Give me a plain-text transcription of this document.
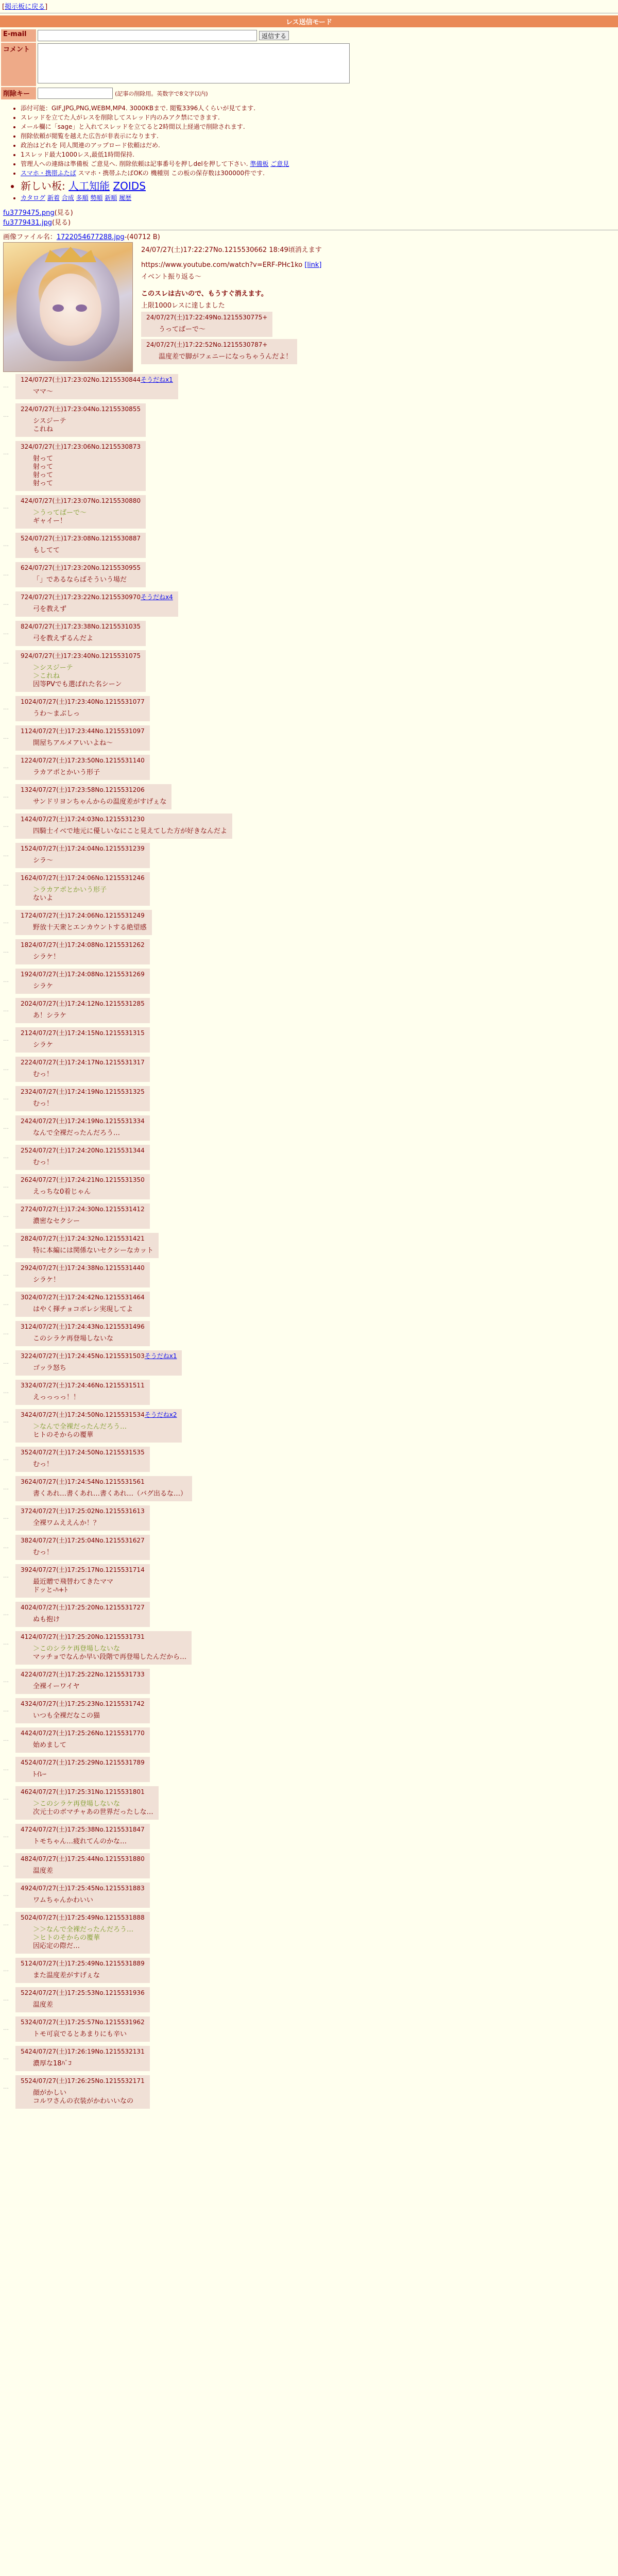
[掲示板に戻る]
レス送信モード
E-mail	返信する
コメント	
削除キー	(記事の削除用。英数字で8文字以内)
• 添付可能：GIF,JPG,PNG,WEBM,MP4. 3000KBまで. 閲覧3396人くらいが見てます.
• スレッドを立てた人がレスを削除してスレッド内のみアク禁にできます.
• メール欄に「sage」と入れてスレッドを立てると2時間以上経過で削除されます.
• 削除依頼が閲覧を越えた広告が非表示になります.
• 政治はどれを 同人関連のアップロード依頼はだめ.
• 1スレッド最大1000レス,最低1時間保持.
• 管理人への連絡は準備板 ご意見へ. 削除依頼は記事番号を押しdelを押して下さい. 準備板 ご意見
• スマホ・携帯ふたば スマホ・携帯ふたばOKの 機種別 この板の保存数は300000件です.
• 新しい板: 人工知能 ZOIDS
• カタログ 新着 合成 多順 勢順 新順 履歴
fu3779475.png(見る)
fu3779431.jpg(見る)
画像ファイル名：1722054677288.jpg-(40712 B)

24/07/27(土)17:22:27No.1215530662 18:49頃消えます

https://www.youtube.com/watch?v=ERF-PHc1ko [link]

イベント振り返る～

このスレは古いので、もうすぐ消えます。

上限1000レスに達しました

24/07/27(土)17:22:49No.1215530775+
うってばーで～

24/07/27(土)17:22:52No.1215530787+
温度差で脚がフェニーになっちゃうんだよ！
…
124/07/27(土)17:23:02No.1215530844そうだねx1
ママ～
…
224/07/27(土)17:23:04No.1215530855
シスジーテ
これね
…
324/07/27(土)17:23:06No.1215530873
射って
射って
射って
射って
…
424/07/27(土)17:23:07No.1215530880
＞うってばーで～
ギャイー！
…
524/07/27(土)17:23:08No.1215530887
もしてて
…
624/07/27(土)17:23:20No.1215530955
「」であるならばそういう場だ
…
724/07/27(土)17:23:22No.1215530970そうだねx4
弓を教えず
…
824/07/27(土)17:23:38No.1215531035
弓を教えずるんだよ
…
924/07/27(土)17:23:40No.1215531075
＞シスジーテ
＞これね
因等PVでも選ばれた名シーン
…
1024/07/27(土)17:23:40No.1215531077
うわ～まぶしっ
…
1124/07/27(土)17:23:44No.1215531097
開屋ちアルメアいいよね～
…
1224/07/27(土)17:23:50No.1215531140
ラカアポとかいう形子
…
1324/07/27(土)17:23:58No.1215531206
サンドリヨンちゃんからの温度差がすげぇな
…
1424/07/27(土)17:24:03No.1215531230
四騎士イベで地元に優しいなにこと見えてした方が好きなんだよ
…
1524/07/27(土)17:24:04No.1215531239
シラ〜
…
1624/07/27(土)17:24:06No.1215531246
＞ラカアポとかいう形子
ないよ
…
1724/07/27(土)17:24:06No.1215531249
野放十天衆とエンカウントする絶望感
…
1824/07/27(土)17:24:08No.1215531262
シラケ！
…
1924/07/27(土)17:24:08No.1215531269
シラケ
…
2024/07/27(土)17:24:12No.1215531285
あ！シラケ
…
2124/07/27(土)17:24:15No.1215531315
シラケ
…
2224/07/27(土)17:24:17No.1215531317
むっ！
…
2324/07/27(土)17:24:19No.1215531325
むっ！
…
2424/07/27(土)17:24:19No.1215531334
なんで全裸だったんだろう…
…
2524/07/27(土)17:24:20No.1215531344
むっ！
…
2624/07/27(土)17:24:21No.1215531350
えっちな0着じゃん
…
2724/07/27(土)17:24:30No.1215531412
濃密なセクシー
…
2824/07/27(土)17:24:32No.1215531421
特に本編には関係ないセクシーなカット
…
2924/07/27(土)17:24:38No.1215531440
シラケ！
…
3024/07/27(土)17:24:42No.1215531464
はやく揮チョコボレシ実現してよ
…
3124/07/27(土)17:24:43No.1215531496
このシラケ再登場しないな
…
3224/07/27(土)17:24:45No.1215531503そうだねx1
ゴッラ怒ち
…
3324/07/27(土)17:24:46No.1215531511
えっっっっ！！
…
3424/07/27(土)17:24:50No.1215531534そうだねx2
＞なんで全裸だったんだろう…
ヒトのそからの覆華
…
3524/07/27(土)17:24:50No.1215531535
むっ！
…
3624/07/27(土)17:24:54No.1215531561
書くあれ…書くあれ…書くあれ…（バグ出るな…）
…
3724/07/27(土)17:25:02No.1215531613
全裸ワムええんか！？
…
3824/07/27(土)17:25:04No.1215531627
むっ！
…
3924/07/27(土)17:25:17No.1215531714
最近贈で飛替わてきたママ
ドッと-ﾊ+ﾄ
…
4024/07/27(土)17:25:20No.1215531727
ぬも抱け
…
4124/07/27(土)17:25:20No.1215531731
＞このシラケ再登場しないな
マッチョでなんか早い段階で再登場したんだから…
…
4224/07/27(土)17:25:22No.1215531733
全裸イーワイヤ
…
4324/07/27(土)17:25:23No.1215531742
いつも全裸だなこの猫
…
4424/07/27(土)17:25:26No.1215531770
始めまして
…
4524/07/27(土)17:25:29No.1215531789
ﾄｲﾚｰ
…
4624/07/27(土)17:25:31No.1215531801
＞このシラケ再登場しないな
次元士のボマチャあの世界だったしな…
…
4724/07/27(土)17:25:38No.1215531847
トモちゃん…疲れてんのかな…
…
4824/07/27(土)17:25:44No.1215531880
温度差
…
4924/07/27(土)17:25:45No.1215531883
ワムちゃんかわいい
…
5024/07/27(土)17:25:49No.1215531888
＞＞なんで全裸だったんだろう…
＞ヒトのそからの覆華
因応定の際だ…
…
5124/07/27(土)17:25:49No.1215531889
また温度差がすげぇな
…
5224/07/27(土)17:25:53No.1215531936
温度差
…
5324/07/27(土)17:25:57No.1215531962
トモ可哀でるとあまりにも辛い
…
5424/07/27(土)17:26:19No.1215532131
濃厚な18ﾊﾞｺ
…
5524/07/27(土)17:26:25No.1215532171
顔がかしい
コルワさんの衣装がかわいいなの
